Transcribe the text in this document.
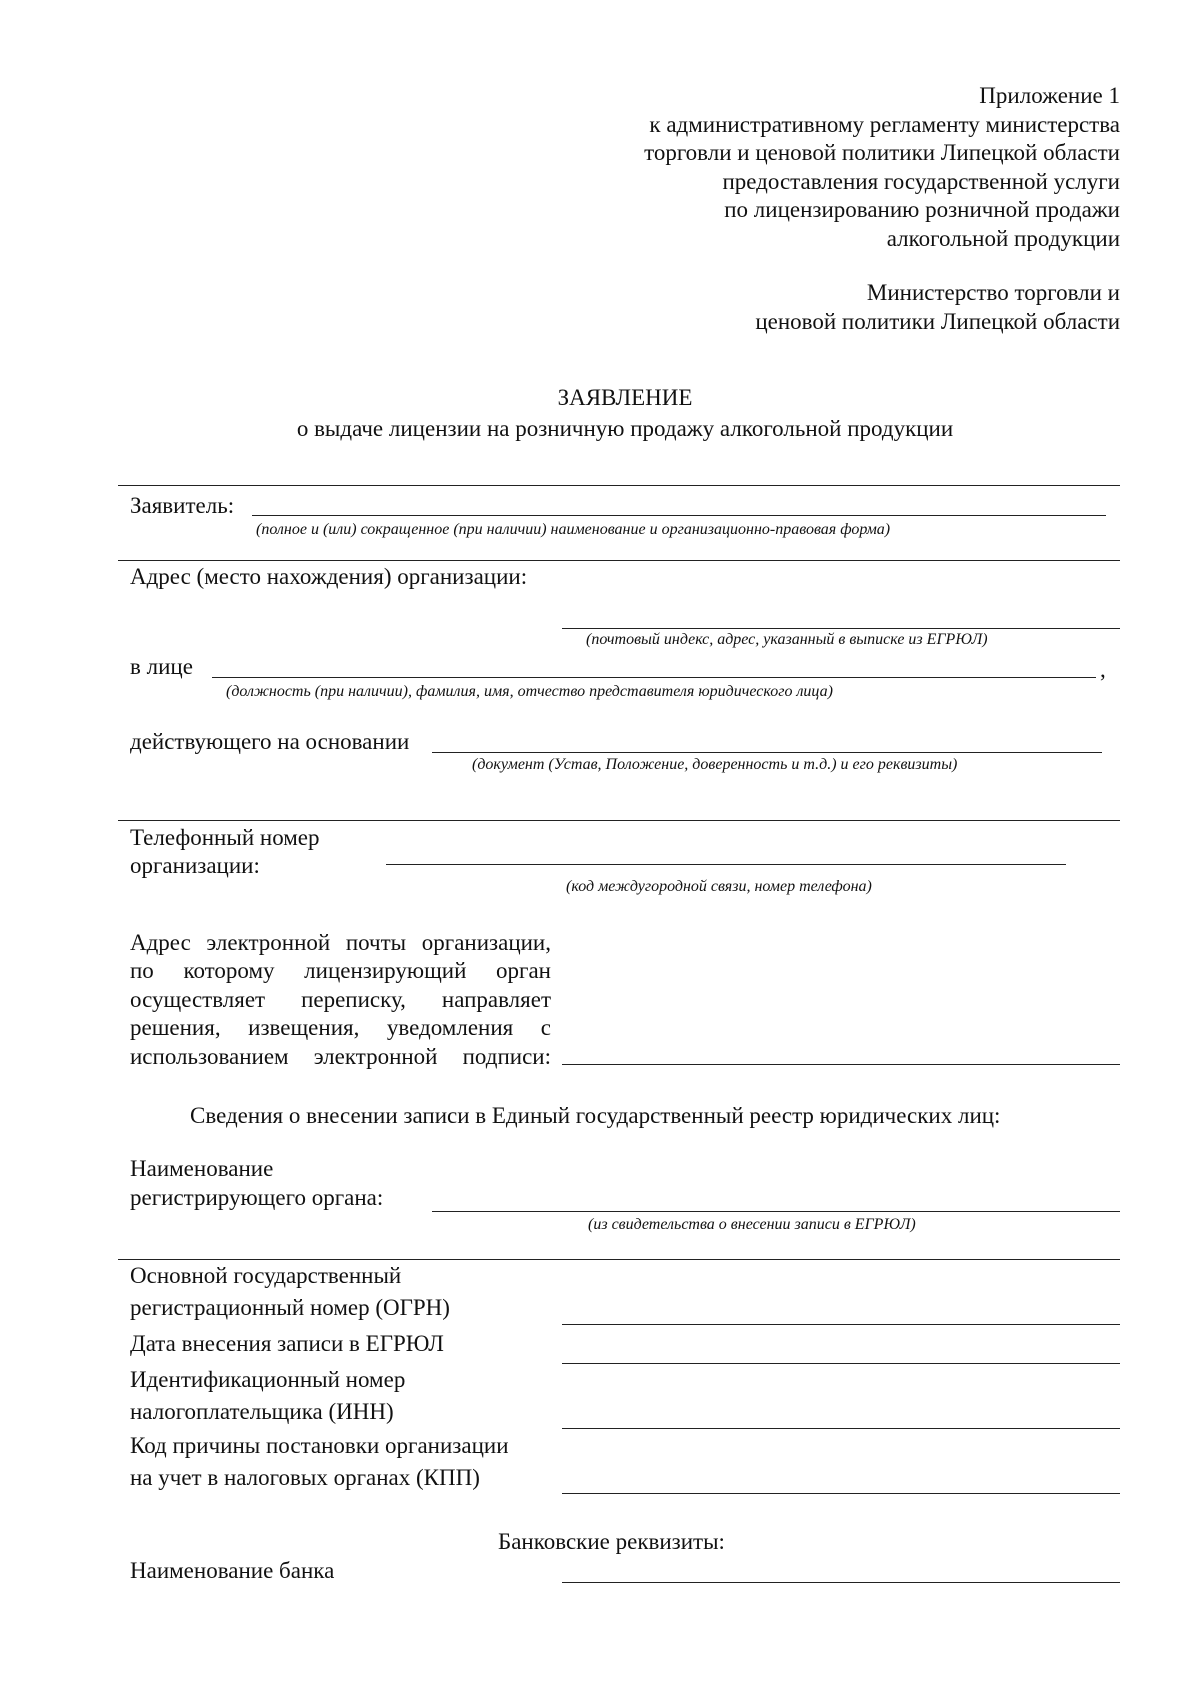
Приложение 1
к административному регламенту министерства
торговли и ценовой политики Липецкой области
предоставления государственной услуги
по лицензированию розничной продажи
алкогольной продукции
Министерство торговли и
ценовой политики Липецкой области
ЗАЯВЛЕНИЕ
о выдаче лицензии на розничную продажу алкогольной продукции
Заявитель:
(полное и (или) сокращенное (при наличии) наименование и организационно-правовая форма)
Адрес (место нахождения) организации:
(почтовый индекс, адрес, указанный в выписке из ЕГРЮЛ)
в лице	,
(должность (при наличии), фамилия, имя, отчество представителя юридического лица)
действующего на основании
(документ (Устав, Положение, доверенность и т.д.) и его реквизиты)
Телефонный номер
организации:
(код междугородной связи, номер телефона)
Адрес электронной почты организации,
по которому лицензирующий орган
осуществляет переписку, направляет
решения, извещения, уведомления с
использованием электронной подписи:
Сведения о внесении записи в Единый государственный реестр юридических лиц:
Наименование
регистрирующего органа:
(из свидетельства о внесении записи в ЕГРЮЛ)
Основной государственный
регистрационный номер (ОГРН)
Дата внесения записи в ЕГРЮЛ
Идентификационный номер
налогоплательщика (ИНН)
Код причины постановки организации
на учет в налоговых органах (КПП)
Банковские реквизиты:
Наименование банка
